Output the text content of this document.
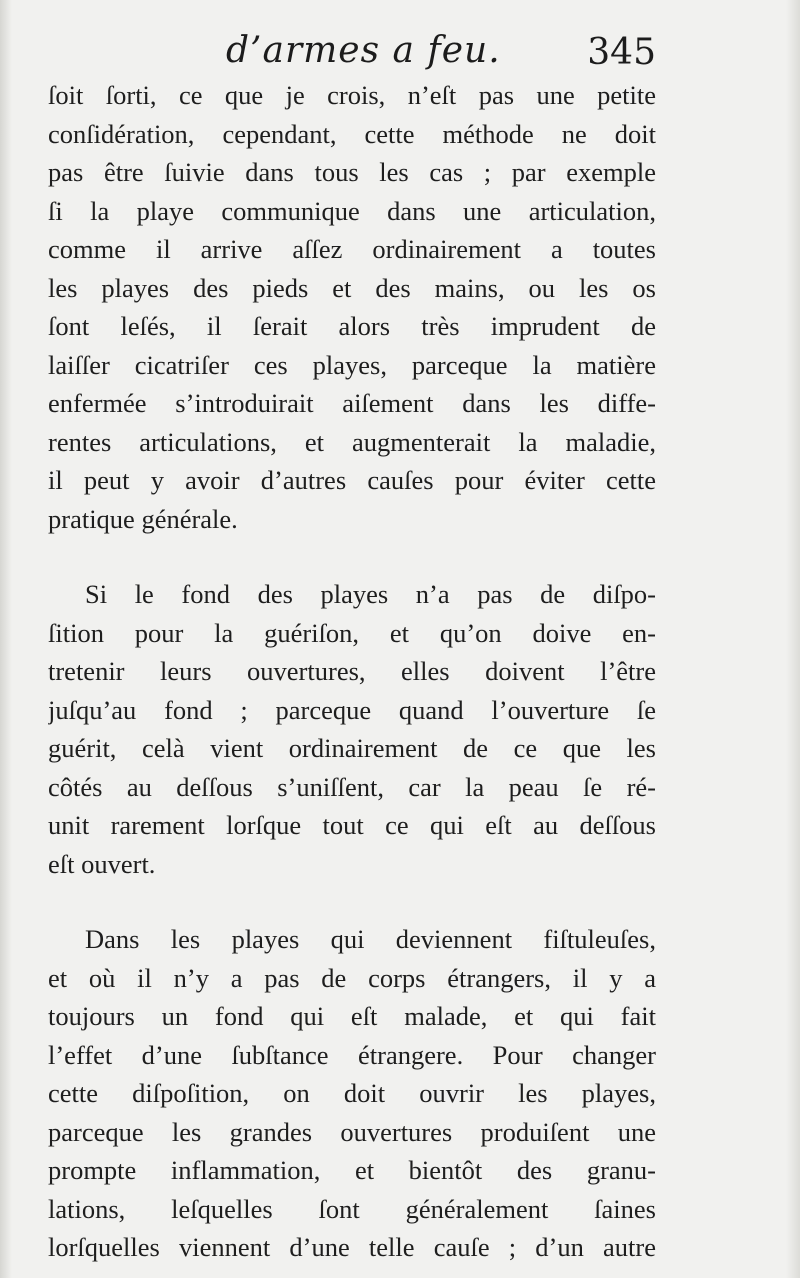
d’armes a feu. 345
ſoit ſorti, ce que je crois, n’eſt pas une petite
conſidération, cependant, cette méthode ne doit
pas être ſuivie dans tous les cas ; par exemple
ſi la playe communique dans une articulation,
comme il arrive aſſez ordinairement a toutes
les playes des pieds et des mains, ou les os
ſont leſés, il ſerait alors très imprudent de
laiſſer cicatriſer ces playes, parceque la matière
enfermée s’introduirait aiſement dans les diffe-
rentes articulations, et augmenterait la maladie,
il peut y avoir d’autres cauſes pour éviter cette
pratique générale.
Si le fond des playes n’a pas de diſpo-
ſition pour la guériſon, et qu’on doive en-
tretenir leurs ouvertures, elles doivent l’être
juſqu’au fond ; parceque quand l’ouverture ſe
guérit, celà vient ordinairement de ce que les
côtés au deſſous s’uniſſent, car la peau ſe ré-
unit rarement lorſque tout ce qui eſt au deſſous
eſt ouvert.
Dans les playes qui deviennent fiſtuleuſes,
et où il n’y a pas de corps étrangers, il y a
toujours un fond qui eſt malade, et qui fait
l’effet d’une ſubſtance étrangere. Pour changer
cette diſpoſition, on doit ouvrir les playes,
parceque les grandes ouvertures produiſent une
prompte inflammation, et bientôt des granu-
lations, leſquelles ſont généralement ſaines
lorſquelles viennent d’une telle cauſe ; d’un autre
